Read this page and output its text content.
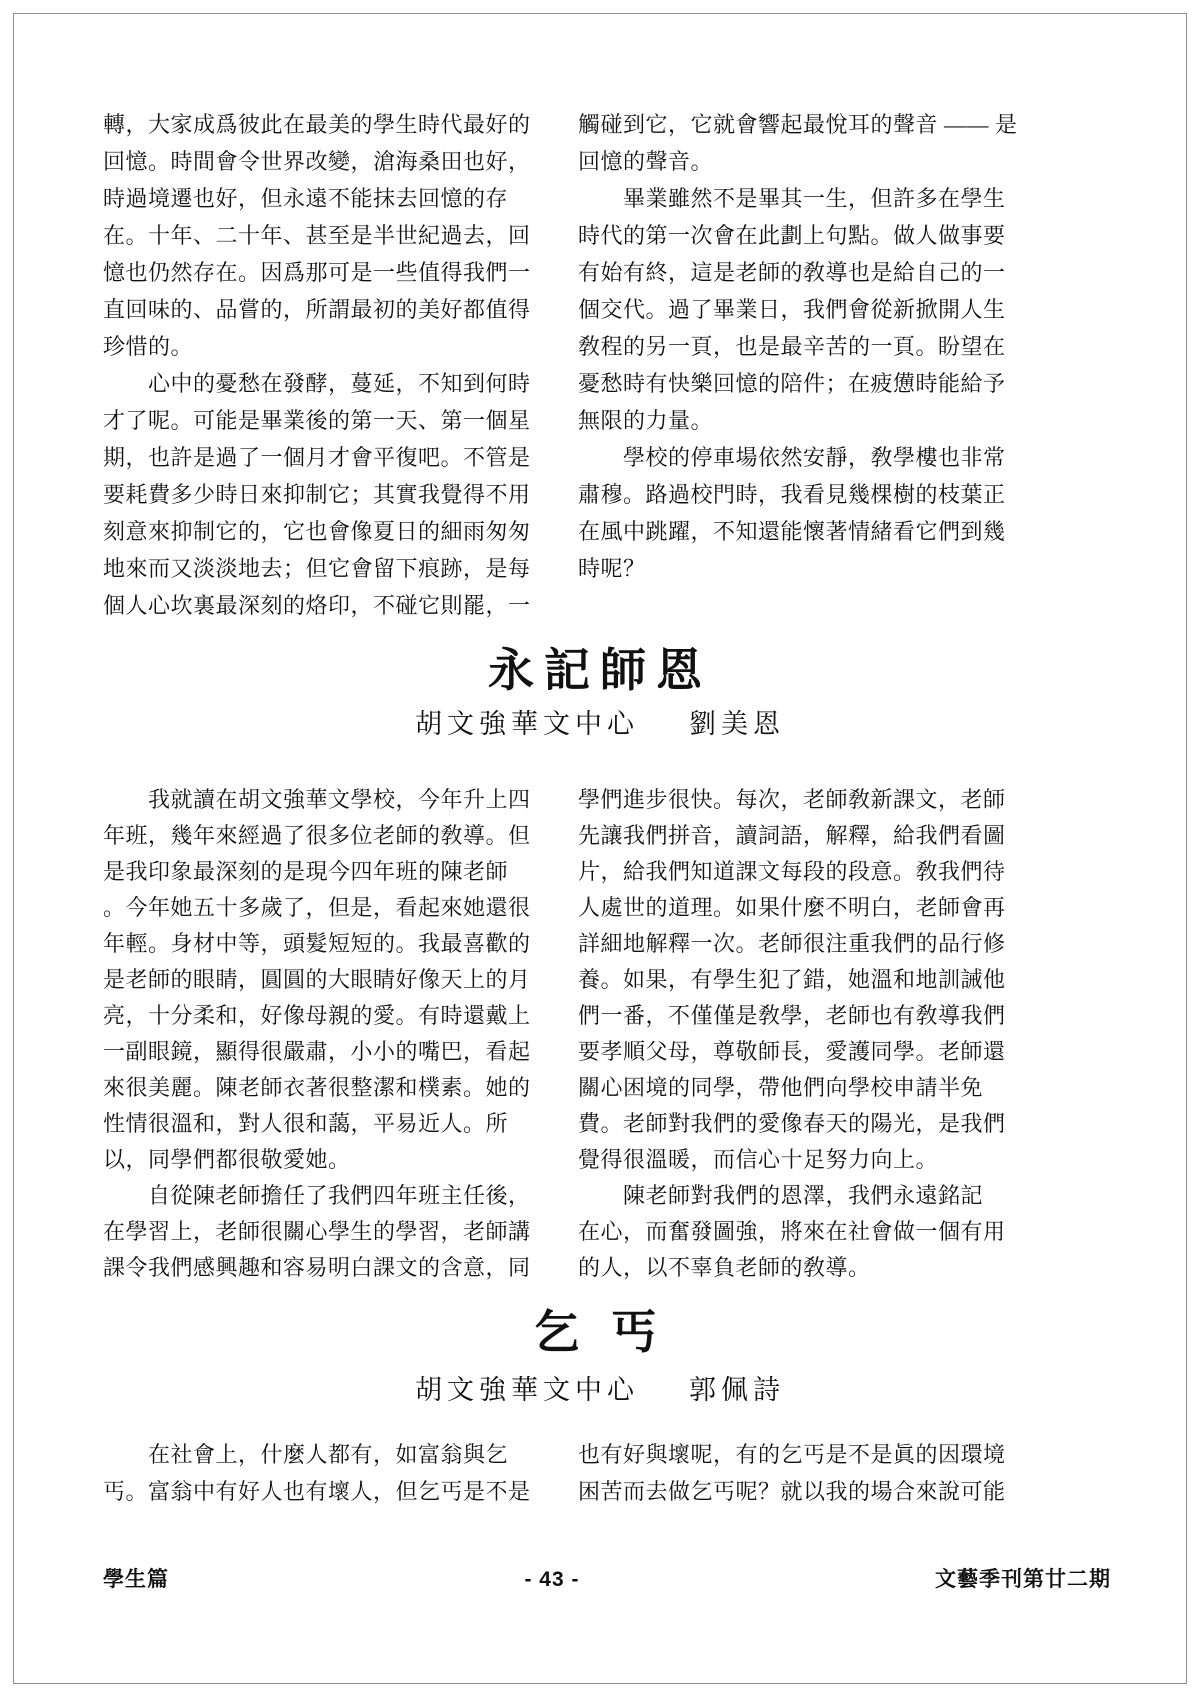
轉，大家成爲彼此在最美的學生時代最好的
回憶。時間會令世界改變，滄海桑田也好，
時過境遷也好，但永遠不能抹去回憶的存
在。十年、二十年、甚至是半世紀過去，回
憶也仍然存在。因爲那可是一些值得我們一
直回味的、品嘗的，所謂最初的美好都值得
珍惜的。
　　心中的憂愁在發酵，蔓延，不知到何時
才了呢。可能是畢業後的第一天、第一個星
期，也許是過了一個月才會平復吧。不管是
要耗費多少時日來抑制它；其實我覺得不用
刻意來抑制它的，它也會像夏日的細雨匆匆
地來而又淡淡地去；但它會留下痕跡，是每
個人心坎裏最深刻的烙印，不碰它則罷，一
觸碰到它，它就會響起最悅耳的聲音 —— 是
回憶的聲音。
　　畢業雖然不是畢其一生，但許多在學生
時代的第一次會在此劃上句點。做人做事要
有始有終，這是老師的敎導也是給自己的一
個交代。過了畢業日，我們會從新掀開人生
敎程的另一頁，也是最辛苦的一頁。盼望在
憂愁時有快樂回憶的陪件；在疲憊時能給予
無限的力量。
　　學校的停車場依然安靜，敎學樓也非常
肅穆。路過校門時，我看見幾棵樹的枝葉正
在風中跳躍，不知還能懷著情緒看它們到幾
時呢？
永記師恩
胡文強華文中心 劉美恩
　　我就讀在胡文強華文學校，今年升上四
年班，幾年來經過了很多位老師的敎導。但
是我印象最深刻的是現今四年班的陳老師
。今年她五十多歲了，但是，看起來她還很
年輕。身材中等，頭髮短短的。我最喜歡的
是老師的眼睛，圓圓的大眼睛好像天上的月
亮，十分柔和，好像母親的愛。有時還戴上
一副眼鏡，顯得很嚴肅，小小的嘴巴，看起
來很美麗。陳老師衣著很整潔和樸素。她的
性情很溫和，對人很和藹，平易近人。所
以，同學們都很敬愛她。
　　自從陳老師擔任了我們四年班主任後，
在學習上，老師很關心學生的學習，老師講
課令我們感興趣和容易明白課文的含意，同
學們進步很快。每次，老師敎新課文，老師
先讓我們拼音，讀詞語，解釋，給我們看圖
片，給我們知道課文每段的段意。敎我們待
人處世的道理。如果什麼不明白，老師會再
詳細地解釋一次。老師很注重我們的品行修
養。如果，有學生犯了錯，她溫和地訓誡他
們一番，不僅僅是敎學，老師也有敎導我們
要孝順父母，尊敬師長，愛護同學。老師還
關心困境的同學，帶他們向學校申請半免
費。老師對我們的愛像春天的陽光，是我們
覺得很溫暖，而信心十足努力向上。
　　陳老師對我們的恩澤，我們永遠銘記
在心，而奮發圖強，將來在社會做一個有用
的人，以不辜負老師的敎導。
乞 丐
胡文強華文中心 郭佩詩
　　在社會上，什麼人都有，如富翁與乞
丐。富翁中有好人也有壞人，但乞丐是不是
也有好與壞呢，有的乞丐是不是眞的因環境
困苦而去做乞丐呢？就以我的場合來說可能
學生篇	- 43 -	文藝季刊第廿二期
